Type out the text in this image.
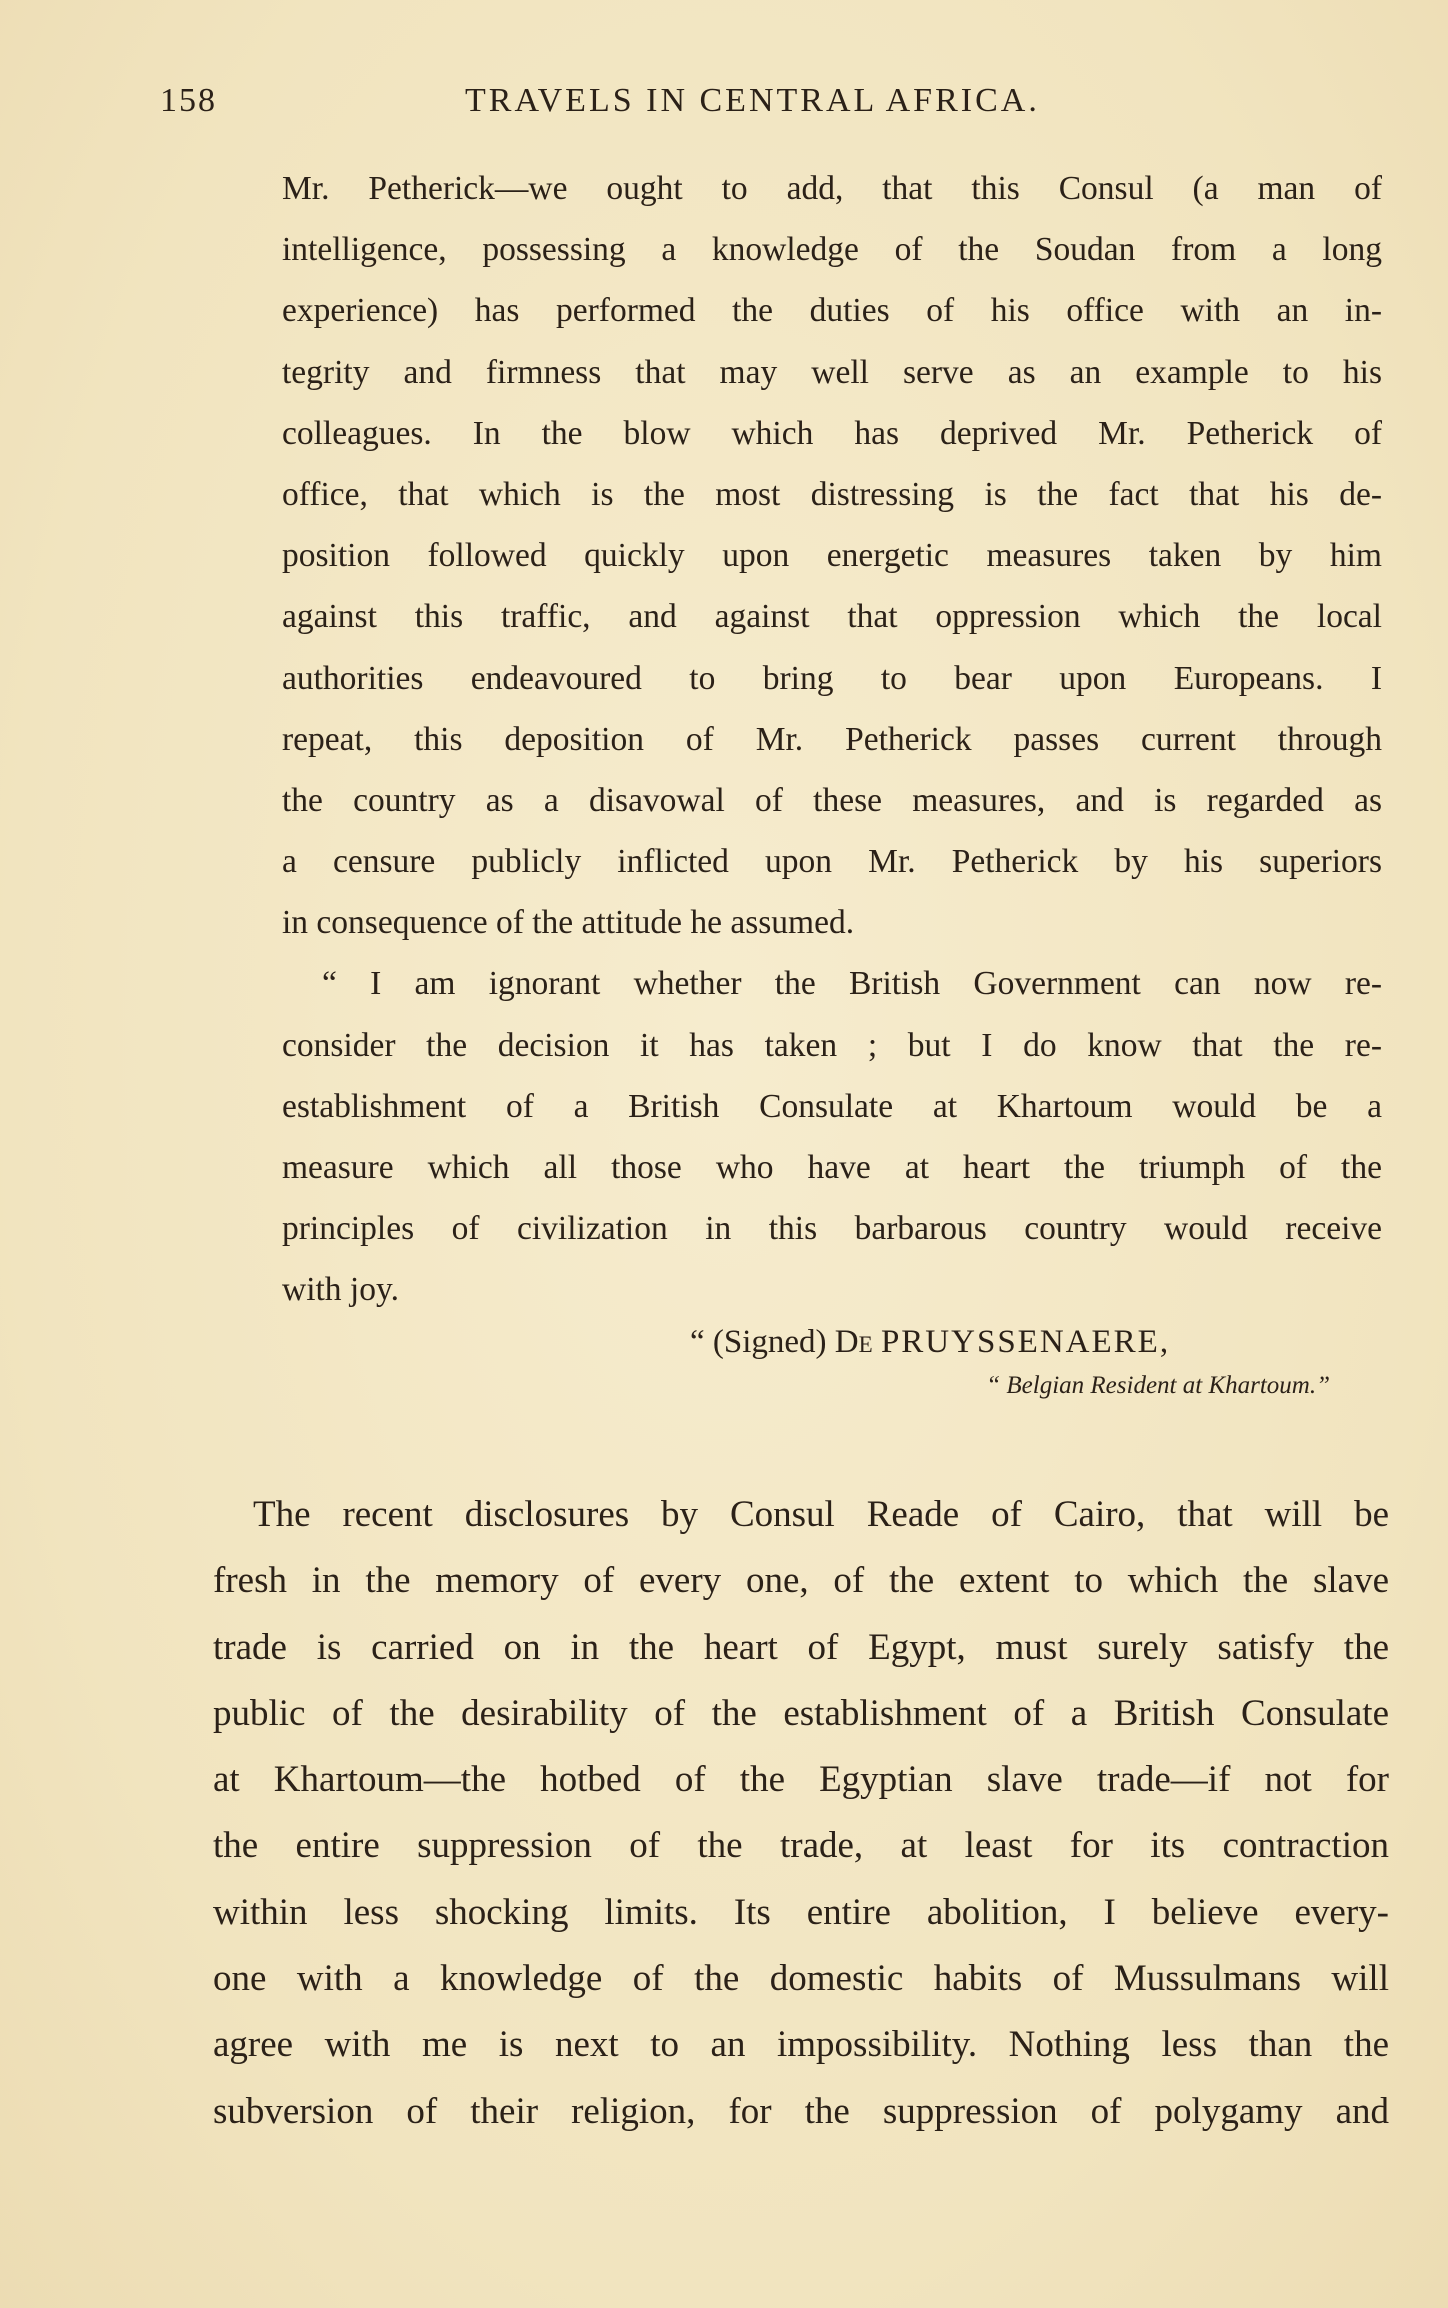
158	TRAVELS IN CENTRAL AFRICA.
Mr. Petherick—we ought to add, that this Consul (a man of
intelligence, possessing a knowledge of the Soudan from a long
experience) has performed the duties of his office with an in-
tegrity and firmness that may well serve as an example to his
colleagues. In the blow which has deprived Mr. Petherick of
office, that which is the most distressing is the fact that his de-
position followed quickly upon energetic measures taken by him
against this traffic, and against that oppression which the local
authorities endeavoured to bring to bear upon Europeans. I
repeat, this deposition of Mr. Petherick passes current through
the country as a disavowal of these measures, and is regarded as
a censure publicly inflicted upon Mr. Petherick by his superiors
in consequence of the attitude he assumed.
“ I am ignorant whether the British Government can now re-
consider the decision it has taken ; but I do know that the re-
establishment of a British Consulate at Khartoum would be a
measure which all those who have at heart the triumph of the
principles of civilization in this barbarous country would receive
with joy.
“ (Signed) De PRUYSSENAERE,
“ Belgian Resident at Khartoum.”
The recent disclosures by Consul Reade of Cairo, that will be
fresh in the memory of every one, of the extent to which the slave
trade is carried on in the heart of Egypt, must surely satisfy the
public of the desirability of the establishment of a British Consulate
at Khartoum—the hotbed of the Egyptian slave trade—if not for
the entire suppression of the trade, at least for its contraction
within less shocking limits. Its entire abolition, I believe every-
one with a knowledge of the domestic habits of Mussulmans will
agree with me is next to an impossibility. Nothing less than the
subversion of their religion, for the suppression of polygamy and
